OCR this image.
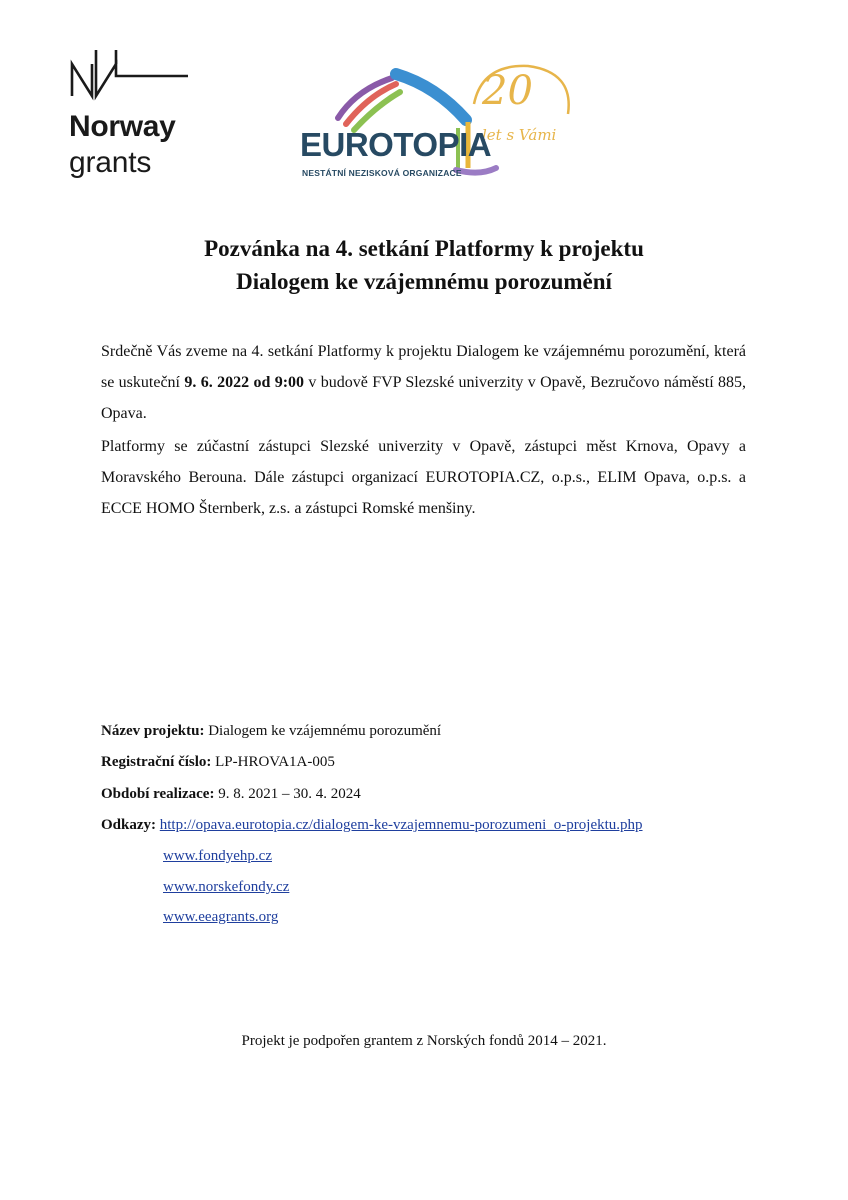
Norway
grants
20
let s Vámi
EUROTOPIA
NESTÁTNÍ NEZISKOVÁ ORGANIZACE
Pozvánka na 4. setkání Platformy k projektu
Dialogem ke vzájemnému porozumění

Srdečně Vás zveme na 4. setkání Platformy k projektu Dialogem ke vzájemnému porozumění, která se uskuteční 9. 6. 2022 od 9:00 v budově FVP Slezské univerzity v Opavě, Bezručovo náměstí 885, Opava.

Platformy se zúčastní zástupci Slezské univerzity v Opavě, zástupci měst Krnova, Opavy a Moravského Berouna. Dále zástupci organizací EUROTOPIA.CZ, o.p.s., ELIM Opava, o.p.s. a ECCE HOMO Šternberk, z.s. a zástupci Romské menšiny.

Název projektu: Dialogem ke vzájemnému porozumění
Registrační číslo: LP-HROVA1A-005
Období realizace: 9. 8. 2021 – 30. 4. 2024
Odkazy: http://opava.eurotopia.cz/dialogem-ke-vzajemnemu-porozumeni_o-projektu.php
www.fondyehp.cz
www.norskefondy.cz
www.eeagrants.org
Projekt je podpořen grantem z Norských fondů 2014 – 2021.
